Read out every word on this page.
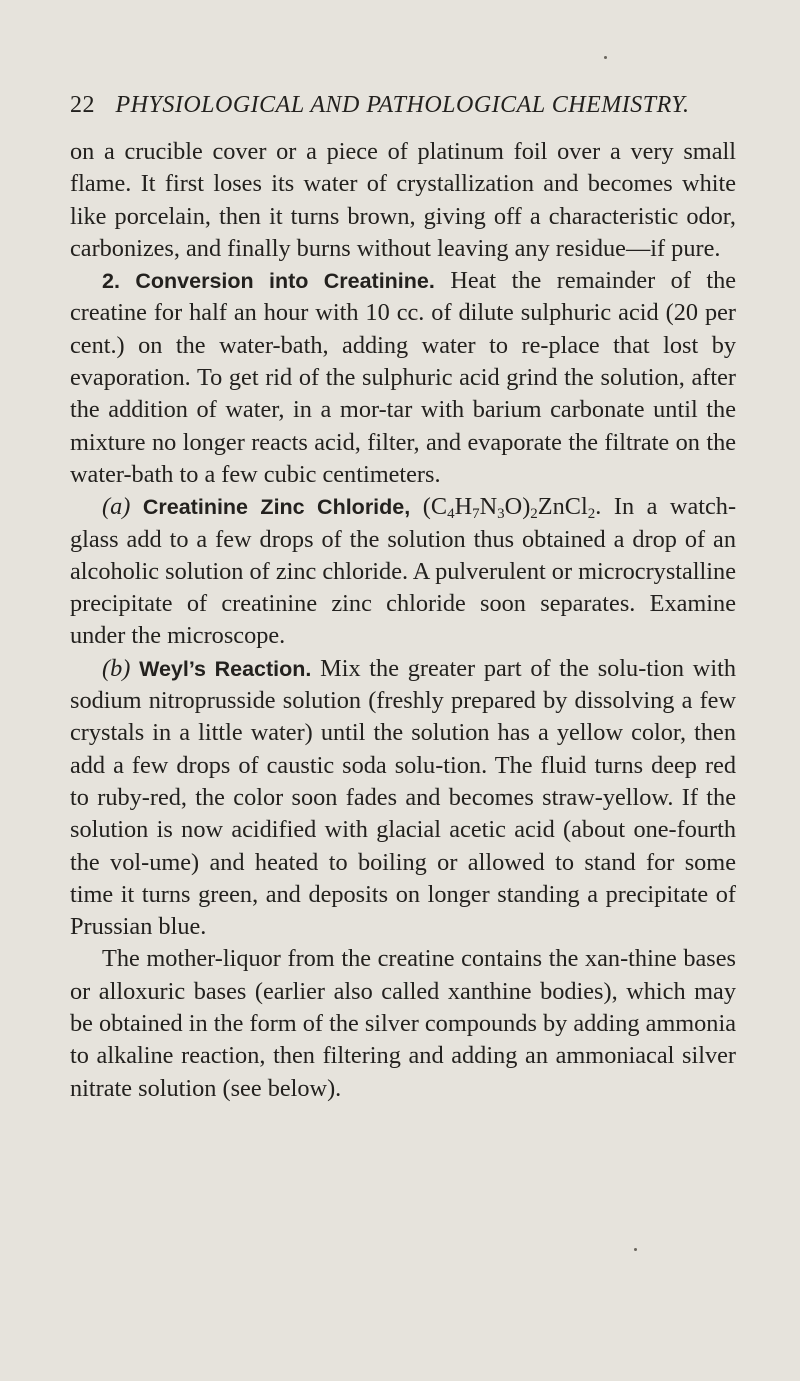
22 PHYSIOLOGICAL AND PATHOLOGICAL CHEMISTRY.

on a crucible cover or a piece of platinum foil over a very small flame. It first loses its water of crystallization and becomes white like porcelain, then it turns brown, giving off a characteristic odor, carbonizes, and finally burns without leaving any residue—if pure.

2. Conversion into Creatinine. Heat the remainder of the creatine for half an hour with 10 cc. of dilute sulphuric acid (20 per cent.) on the water-bath, adding water to re-place that lost by evaporation. To get rid of the sulphuric acid grind the solution, after the addition of water, in a mor-tar with barium carbonate until the mixture no longer reacts acid, filter, and evaporate the filtrate on the water-bath to a few cubic centimeters.

(a) Creatinine Zinc Chloride, $(C_4H_7N_3O)_2ZnCl_2$. In a watch-glass add to a few drops of the solution thus obtained a drop of an alcoholic solution of zinc chloride. A pulverulent or microcrystalline precipitate of creatinine zinc chloride soon separates. Examine under the microscope.

(b) Weyl’s Reaction. Mix the greater part of the solu-tion with sodium nitroprusside solution (freshly prepared by dissolving a few crystals in a little water) until the solution has a yellow color, then add a few drops of caustic soda solu-tion. The fluid turns deep red to ruby-red, the color soon fades and becomes straw-yellow. If the solution is now acidified with glacial acetic acid (about one-fourth the vol-ume) and heated to boiling or allowed to stand for some time it turns green, and deposits on longer standing a precipitate of Prussian blue.

The mother-liquor from the creatine contains the xan-thine bases or alloxuric bases (earlier also called xanthine bodies), which may be obtained in the form of the silver compounds by adding ammonia to alkaline reaction, then filtering and adding an ammoniacal silver nitrate solution (see below).
